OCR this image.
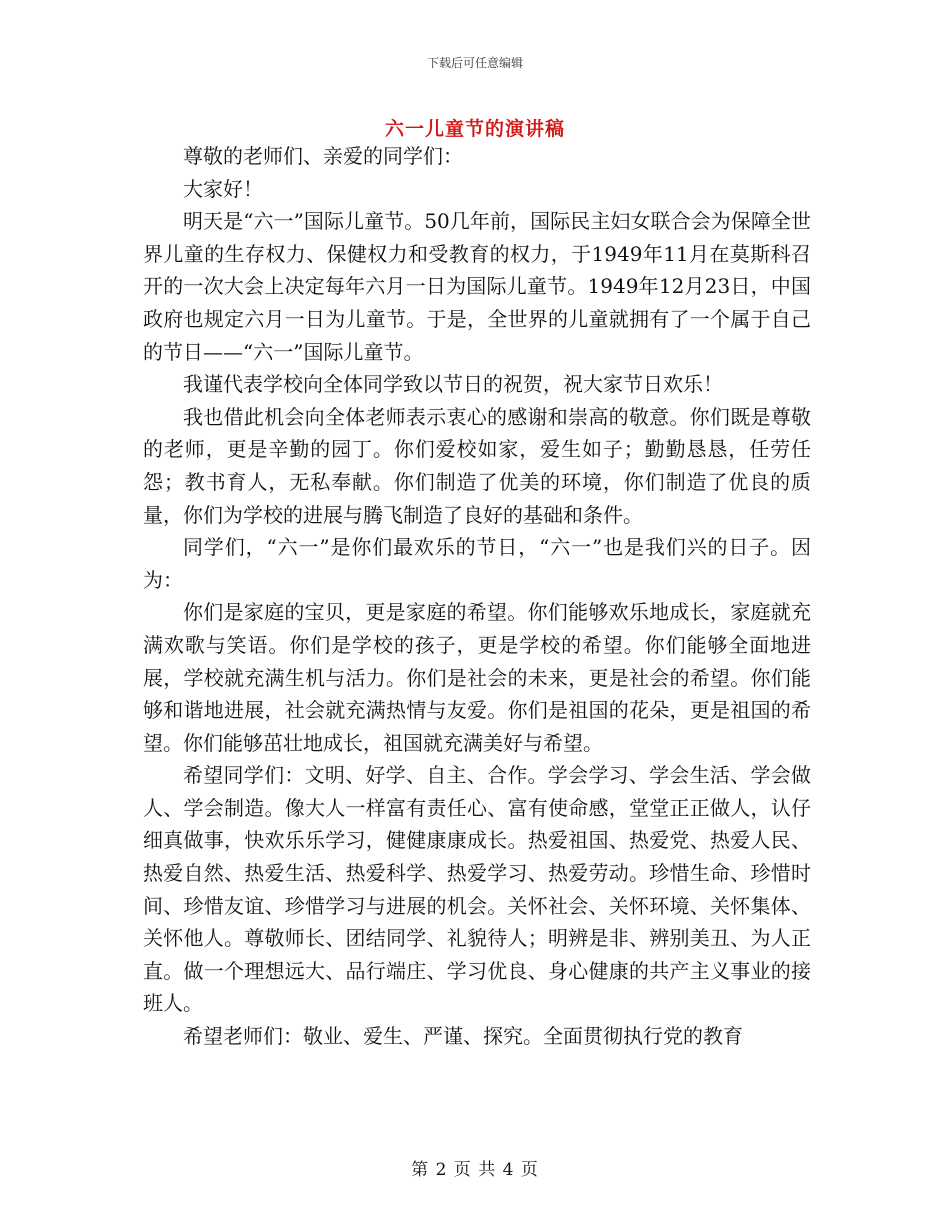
下载后可任意编辑
六一儿童节的演讲稿

尊敬的老师们、亲爱的同学们：

大家好！

明天是“六一”国际儿童节。50几年前，国际民主妇女联合会为保障全世界儿童的生存权力、保健权力和受教育的权力，于1949年11月在莫斯科召开的一次大会上决定每年六月一日为国际儿童节。1949年12月23日，中国政府也规定六月一日为儿童节。于是，全世界的儿童就拥有了一个属于自己的节日——“六一”国际儿童节。

我谨代表学校向全体同学致以节日的祝贺，祝大家节日欢乐！

我也借此机会向全体老师表示衷心的感谢和崇高的敬意。你们既是尊敬的老师，更是辛勤的园丁。你们爱校如家，爱生如子；勤勤恳恳，任劳任怨；教书育人，无私奉献。你们制造了优美的环境，你们制造了优良的质量，你们为学校的进展与腾飞制造了良好的基础和条件。

同学们，“六一”是你们最欢乐的节日，“六一”也是我们兴的日子。因为：

你们是家庭的宝贝，更是家庭的希望。你们能够欢乐地成长，家庭就充满欢歌与笑语。你们是学校的孩子，更是学校的希望。你们能够全面地进展，学校就充满生机与活力。你们是社会的未来，更是社会的希望。你们能够和谐地进展，社会就充满热情与友爱。你们是祖国的花朵，更是祖国的希望。你们能够茁壮地成长，祖国就充满美好与希望。

希望同学们：文明、好学、自主、合作。学会学习、学会生活、学会做人、学会制造。像大人一样富有责任心、富有使命感，堂堂正正做人，认仔细真做事，快欢乐乐学习，健健康康成长。热爱祖国、热爱党、热爱人民、热爱自然、热爱生活、热爱科学、热爱学习、热爱劳动。珍惜生命、珍惜时间、珍惜友谊、珍惜学习与进展的机会。关怀社会、关怀环境、关怀集体、关怀他人。尊敬师长、团结同学、礼貌待人；明辨是非、辨别美丑、为人正直。做一个理想远大、品行端庄、学习优良、身心健康的共产主义事业的接班人。

希望老师们：敬业、爱生、严谨、探究。全面贯彻执行党的教育

第 2 页 共 4 页
